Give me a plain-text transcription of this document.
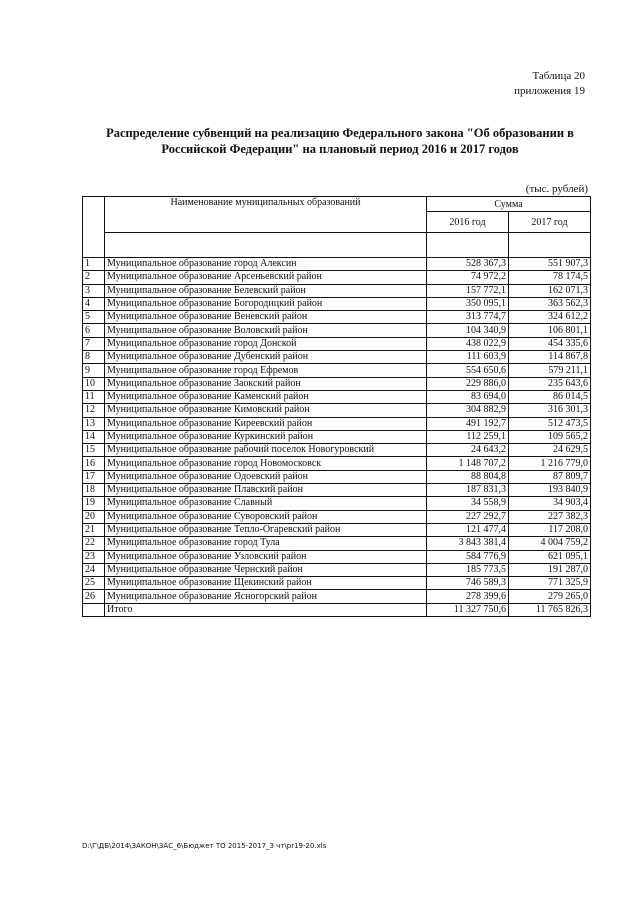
Таблица 20
приложения 19
Распределение субвенций на реализацию Федерального закона "Об образовании в
Российской Федерации" на плановый период 2016 и 2017 годов
(тыс. рублей)
	Наименование муниципальных образований	Сумма	
		2016 год	2017 год

1	Муниципальное образование город Алексин	528 367,3	551 907,3
2	Муниципальное образование Арсеньевский район	74 972,2	78 174,5
3	Муниципальное образование Белевский район	157 772,1	162 071,3
4	Муниципальное образование Богородицкий район	350 095,1	363 562,3
5	Муниципальное образование Веневский район	313 774,7	324 612,2
6	Муниципальное образование Воловский район	104 340,9	106 801,1
7	Муниципальное образование город Донской	438 022,9	454 335,6
8	Муниципальное образование Дубенский район	111 603,9	114 867,8
9	Муниципальное образование город Ефремов	554 650,6	579 211,1
10	Муниципальное образование Заокский район	229 886,0	235 643,6
11	Муниципальное образование Каменский район	83 694,0	86 014,5
12	Муниципальное образование Кимовский район	304 882,9	316 301,3
13	Муниципальное образование Киреевский район	491 192,7	512 473,5
14	Муниципальное образование Куркинский район	112 259,1	109 565,2
15	Муниципальное образование рабочий поселок Новогуровский	24 643,2	24 629,5
16	Муниципальное образование город Новомосковск	1 148 707,2	1 216 779,0
17	Муниципальное образование Одоевский район	88 804,8	87 809,7
18	Муниципальное образование Плавский район	187 831,3	193 840,9
19	Муниципальное образование Славный	34 558,9	34 903,4
20	Муниципальное образование Суворовский район	227 292,7	227 382,3
21	Муниципальное образование Тепло-Огаревский район	121 477,4	117 208,0
22	Муниципальное образование город Тула	3 843 381,4	4 004 759,2
23	Муниципальное образование Узловский район	584 776,9	621 095,1
24	Муниципальное образование Чернский район	185 773,5	191 287,0
25	Муниципальное образование Щекинский район	746 589,3	771 325,9
26	Муниципальное образование Ясногорский район	278 399,6	279 265,0
	Итого	11 327 750,6	11 765 826,3
D:\Г\ДБ\2014\ЗАКОН\ЗАС_6\Бюджет ТО 2015-2017_3 чт\pr19-20.xls
